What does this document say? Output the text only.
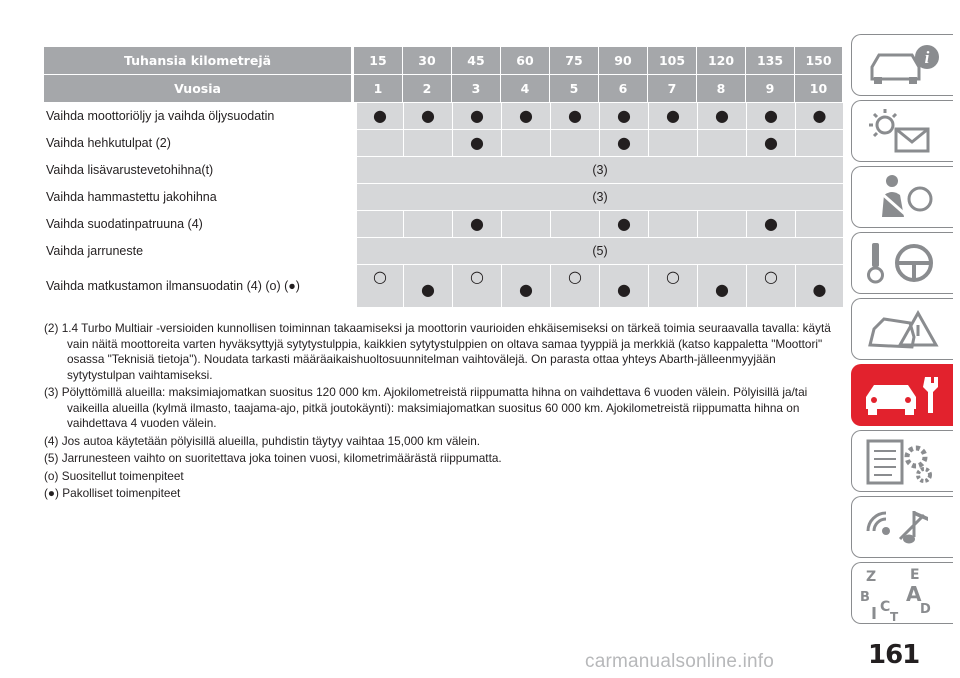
Tuhansia kilometrejä	15	30	45	60	75	90	105	120	135	150
Vuosia	1	2	3	4	5	6	7	8	9	10
Vaihda moottoriöljy ja vaihda öljysuodatin	●	●	●	●	●	●	●	●	●	●
Vaihda hehkutulpat (2)			●			●			●	
Vaihda lisävarustevetohihna(t)	(3)									
Vaihda hammastettu jakohihna	(3)									
Vaihda suodatinpatruuna (4)			●			●			●	
Vaihda jarruneste	(5)									
Vaihda matkustamon ilmansuodatin (4) (o) (●)	○	●	○	●	○	●	○	●	○	●
(2) 1.4 Turbo Multiair -versioiden kunnollisen toiminnan takaamiseksi ja moottorin vaurioiden ehkäisemiseksi on tärkeä toimia seuraavalla tavalla: käytä vain näitä moottoreita varten hyväksyttyjä sytytystulppia, kaikkien sytytystulppien on oltava samaa tyyppiä ja merkkiä (katso kappaletta "Moottori" osassa "Teknisiä tietoja"). Noudata tarkasti määräaikaishuoltosuunnitelman vaihtovälejä. On parasta ottaa yhteys Abarth-jälleenmyyjään sytytystulpan vaihtamiseksi.
(3) Pölyttömillä alueilla: maksimiajomatkan suositus 120 000 km. Ajokilometreistä riippumatta hihna on vaihdettava 6 vuoden välein. Pölyisillä ja/tai vaikeilla alueilla (kylmä ilmasto, taajama-ajo, pitkä joutokäynti): maksimiajomatkan suositus 60 000 km. Ajokilometreistä riippumatta hihna on vaihdettava 4 vuoden välein.
(4) Jos autoa käytetään pölyisillä alueilla, puhdistin täytyy vaihtaa 15,000 km välein.
(5) Jarrunesteen vaihto on suoritettava joka toinen vuosi, kilometrimäärästä riippumatta.
(o) Suositellut toimenpiteet
(●) Pakolliset toimenpiteet
i
Z E
B A
C D
T
161
carmanualsonline.info
